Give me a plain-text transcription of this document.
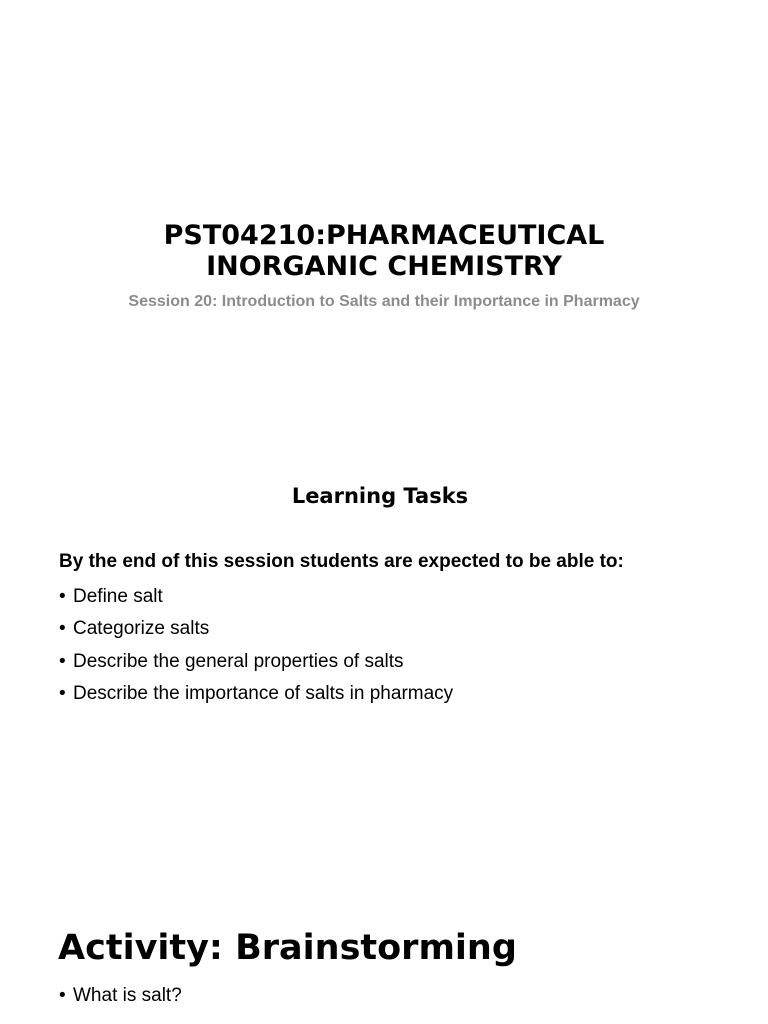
PST04210:PHARMACEUTICAL
INORGANIC CHEMISTRY
Session 20: Introduction to Salts and their Importance in Pharmacy
Learning Tasks
By the end of this session students are expected to be able to:
• Define salt
• Categorize salts
• Describe the general properties of salts
• Describe the importance of salts in pharmacy
Activity: Brainstorming
• What is salt?
